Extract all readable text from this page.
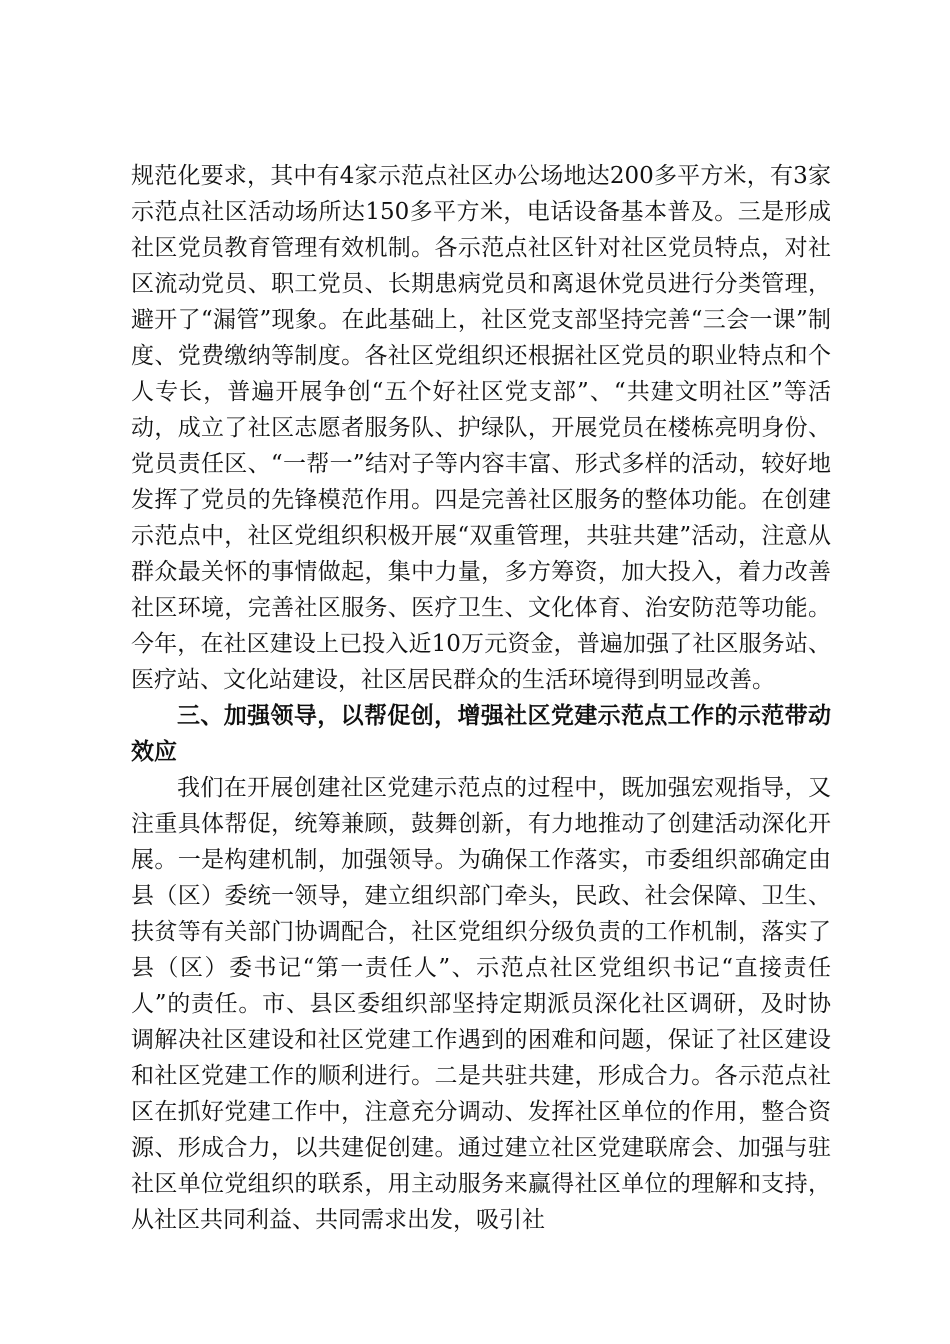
规范化要求，其中有4家示范点社区办公场地达200多平方米，有3家示范点社区活动场所达150多平方米，电话设备基本普及。三是形成社区党员教育管理有效机制。各示范点社区针对社区党员特点，对社区流动党员、职工党员、长期患病党员和离退休党员进行分类管理，避开了“漏管”现象。在此基础上，社区党支部坚持完善“三会一课”制度、党费缴纳等制度。各社区党组织还根据社区党员的职业特点和个人专长，普遍开展争创“五个好社区党支部”、“共建文明社区”等活动，成立了社区志愿者服务队、护绿队，开展党员在楼栋亮明身份、党员责任区、“一帮一”结对子等内容丰富、形式多样的活动，较好地发挥了党员的先锋模范作用。四是完善社区服务的整体功能。在创建示范点中，社区党组织积极开展“双重管理，共驻共建”活动，注意从群众最关怀的事情做起，集中力量，多方筹资，加大投入，着力改善社区环境，完善社区服务、医疗卫生、文化体育、治安防范等功能。今年，在社区建设上已投入近10万元资金，普遍加强了社区服务站、医疗站、文化站建设，社区居民群众的生活环境得到明显改善。

三、加强领导，以帮促创，增强社区党建示范点工作的示范带动效应

我们在开展创建社区党建示范点的过程中，既加强宏观指导，又注重具体帮促，统筹兼顾，鼓舞创新，有力地推动了创建活动深化开展。一是构建机制，加强领导。为确保工作落实，市委组织部确定由县（区）委统一领导，建立组织部门牵头，民政、社会保障、卫生、扶贫等有关部门协调配合，社区党组织分级负责的工作机制，落实了县（区）委书记“第一责任人”、示范点社区党组织书记“直接责任人”的责任。市、县区委组织部坚持定期派员深化社区调研，及时协调解决社区建设和社区党建工作遇到的困难和问题，保证了社区建设和社区党建工作的顺利进行。二是共驻共建，形成合力。各示范点社区在抓好党建工作中，注意充分调动、发挥社区单位的作用，整合资源、形成合力，以共建促创建。通过建立社区党建联席会、加强与驻社区单位党组织的联系，用主动服务来赢得社区单位的理解和支持，从社区共同利益、共同需求出发，吸引社
